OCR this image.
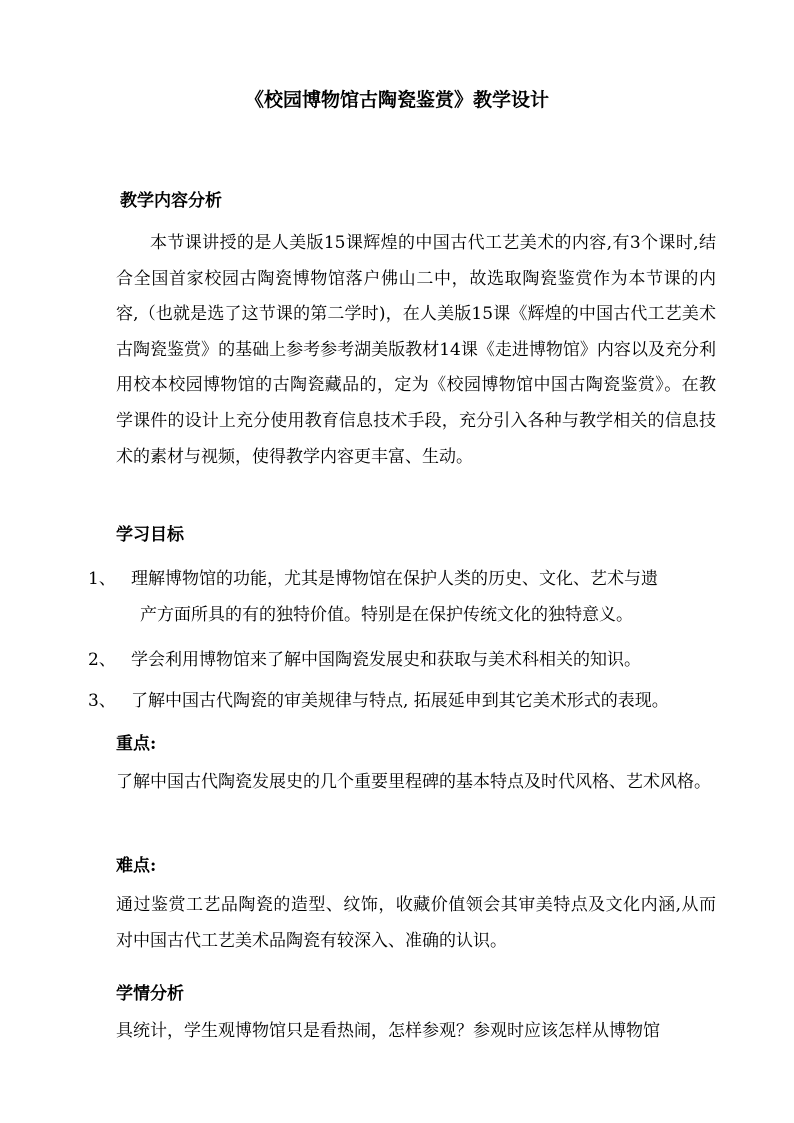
《校园博物馆古陶瓷鉴赏》教学设计
教学内容分析

本节课讲授的是人美版15课辉煌的中国古代工艺美术的内容,有3个课时,结合全国首家校园古陶瓷博物馆落户佛山二中，故选取陶瓷鉴赏作为本节课的内容,（也就是选了这节课的第二学时)，在人美版15课《辉煌的中国古代工艺美术古陶瓷鉴赏》的基础上参考参考湖美版教材14课《走进博物馆》内容以及充分利用校本校园博物馆的古陶瓷藏品的，定为《校园博物馆中国古陶瓷鉴赏》。在教学课件的设计上充分使用教育信息技术手段，充分引入各种与教学相关的信息技术的素材与视频，使得教学内容更丰富、生动。

学习目标
1、 理解博物馆的功能，尤其是博物馆在保护人类的历史、文化、艺术与遗
产方面所具的有的独特价值。特别是在保护传统文化的独特意义。
2、 学会利用博物馆来了解中国陶瓷发展史和获取与美术科相关的知识。
3、 了解中国古代陶瓷的审美规律与特点, 拓展延申到其它美术形式的表现。
重点:

了解中国古代陶瓷发展史的几个重要里程碑的基本特点及时代风格、艺术风格。

难点:

通过鉴赏工艺品陶瓷的造型、纹饰，收藏价值领会其审美特点及文化内涵,从而对中国古代工艺美术品陶瓷有较深入、准确的认识。

学情分析

具统计，学生观博物馆只是看热闹，怎样参观？参观时应该怎样从博物馆
